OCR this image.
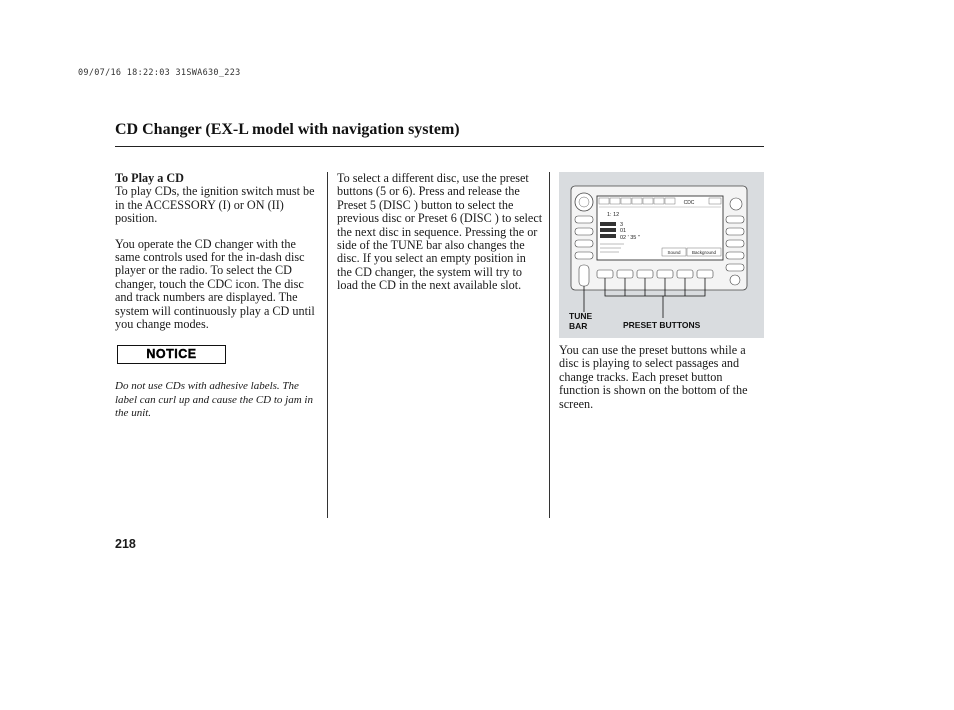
09/07/16 18:22:03 31SWA630_223
CD Changer (EX-L model with navigation system)

To Play a CD
To play CDs, the ignition switch must be in the ACCESSORY (I) or ON (II) position.

You operate the CD changer with the same controls used for the in-dash disc player or the radio. To select the CD changer, touch the CDC icon. The disc and track numbers are displayed. The system will continuously play a CD until you change modes.

NOTICE

Do not use CDs with adhesive labels. The label can curl up and cause the CD to jam in the unit.

To select a different disc, use the preset buttons (5 or 6). Press and release the Preset 5 (DISC ) button to select the previous disc or Preset 6 (DISC ) to select the next disc in sequence. Pressing the or side of the TUNE bar also changes the disc. If you select an empty position in the CD changer, the system will try to load the CD in the next available slot.

CDC
1: 12
3
01
02 ' 35 ''
Sound	Background
TUNE BAR	PRESET BUTTONS

You can use the preset buttons while a disc is playing to select passages and change tracks. Each preset button function is shown on the bottom of the screen.

218
